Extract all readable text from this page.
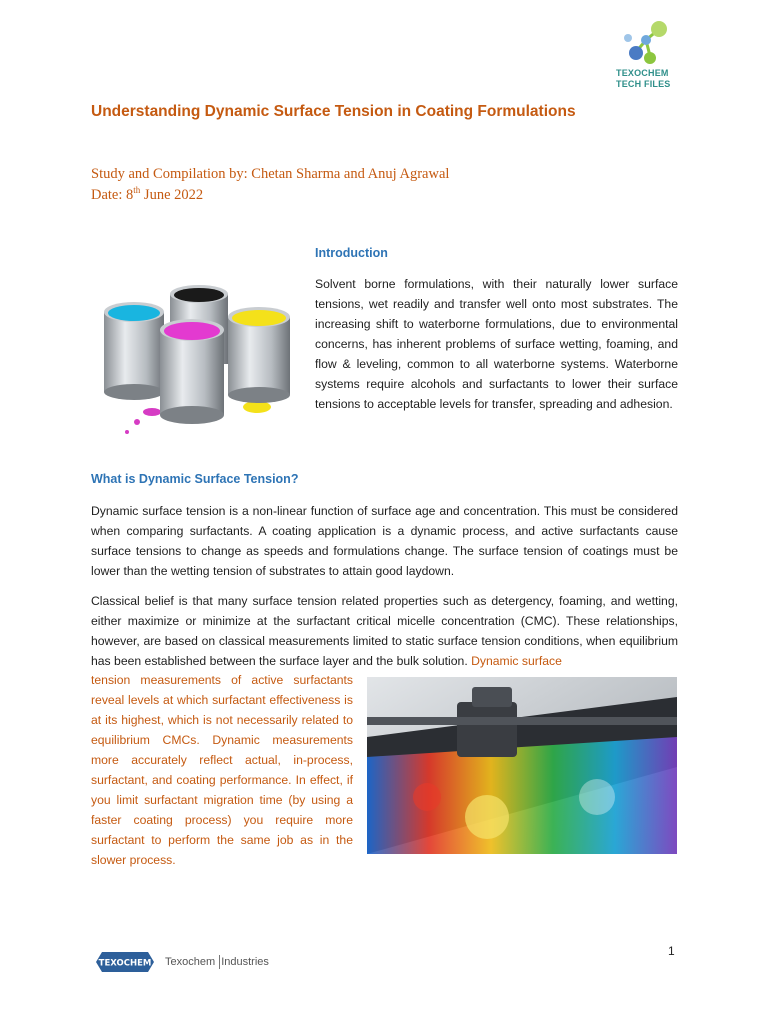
TEXOCHEM
TECH FILES
Understanding Dynamic Surface Tension in Coating Formulations
Study and Compilation by: Chetan Sharma and Anuj Agrawal
Date: 8th June 2022
Introduction
Solvent borne formulations, with their naturally lower surface tensions, wet readily and transfer well onto most substrates. The increasing shift to waterborne formulations, due to environmental concerns, has inherent problems of surface wetting, foaming, and flow & leveling, common to all waterborne systems. Waterborne systems require alcohols and surfactants to lower their surface tensions to acceptable levels for transfer, spreading and adhesion.
What is Dynamic Surface Tension?
Dynamic surface tension is a non-linear function of surface age and concentration. This must be considered when comparing surfactants. A coating application is a dynamic process, and active surfactants cause surface tensions to change as speeds and formulations change. The surface tension of coatings must be lower than the wetting tension of substrates to attain good laydown.
Classical belief is that many surface tension related properties such as detergency, foaming, and wetting, either maximize or minimize at the surfactant critical micelle concentration (CMC). These relationships, however, are based on classical measurements limited to static surface tension conditions, when equilibrium has been established between the surface layer and the bulk solution. Dynamic surface
tension measurements of active surfactants reveal levels at which surfactant effectiveness is at its highest, which is not necessarily related to equilibrium CMCs. Dynamic measurements more accurately reflect actual, in-process, surfactant, and coating performance. In effect, if you limit surfactant migration time (by using a faster coating process) you require more surfactant to perform the same job as in the slower process.
TEXOCHEM Texochem Industries
1
